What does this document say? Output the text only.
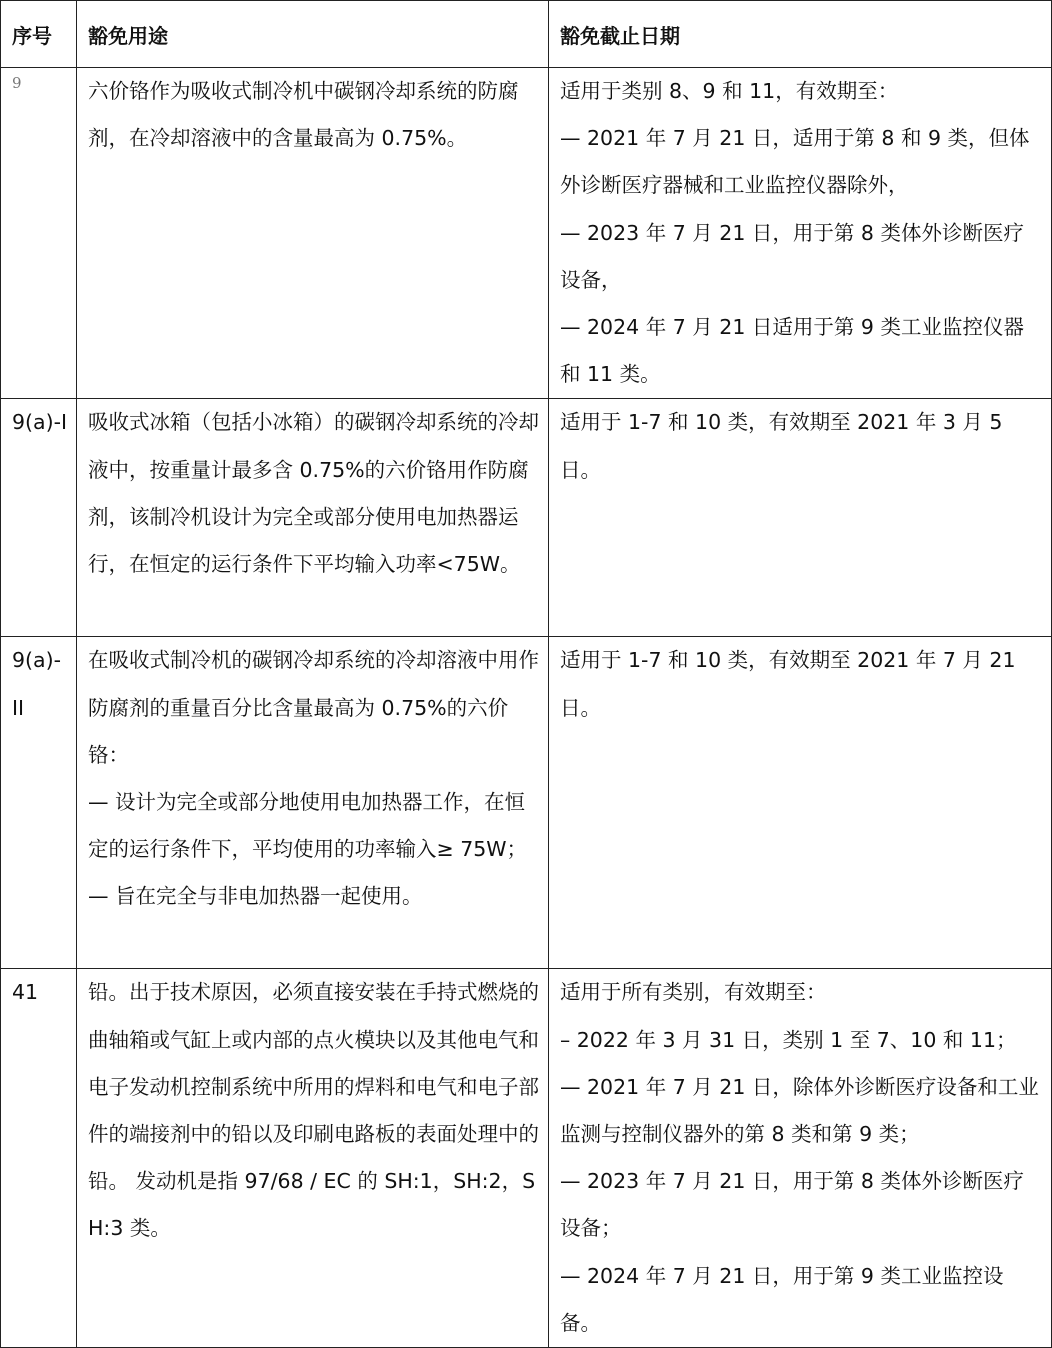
序号	豁免用途	豁免截止日期

9	六价铬作为吸收式制冷机中碳钢冷却系统的防腐剂，在冷却溶液中的含量最高为 0.75%。	适用于类别 8、9 和 11，有效期至：
— 2021 年 7 月 21 日，适用于第 8 和 9 类，但体外诊断医疗器械和工业监控仪器除外，
— 2023 年 7 月 21 日，用于第 8 类体外诊断医疗设备，
— 2024 年 7 月 21 日适用于第 9 类工业监控仪器和 11 类。

9(a)-I	吸收式冰箱（包括小冰箱）的碳钢冷却系统的冷却液中，按重量计最多含 0.75%的六价铬用作防腐剂，该制冷机设计为完全或部分使用电加热器运行，在恒定的运行条件下平均输入功率<75W。	适用于 1-7 和 10 类，有效期至 2021 年 3 月 5 日。

9(a)-II	在吸收式制冷机的碳钢冷却系统的冷却溶液中用作防腐剂的重量百分比含量最高为 0.75%的六价铬：
— 设计为完全或部分地使用电加热器工作，在恒定的运行条件下，平均使用的功率输入≥ 75W；
— 旨在完全与非电加热器一起使用。	适用于 1-7 和 10 类，有效期至 2021 年 7 月 21 日。

41	铅。出于技术原因，必须直接安装在手持式燃烧的曲轴箱或气缸上或内部的点火模块以及其他电气和电子发动机控制系统中所用的焊料和电气和电子部件的端接剂中的铅以及印刷电路板的表面处理中的铅。 发动机是指 97/68 / EC 的 SH:1，SH:2，SH:3 类。	适用于所有类别，有效期至：
– 2022 年 3 月 31 日，类别 1 至 7、10 和 11；
— 2021 年 7 月 21 日，除体外诊断医疗设备和工业监测与控制仪器外的第 8 类和第 9 类；
— 2023 年 7 月 21 日，用于第 8 类体外诊断医疗设备；
— 2024 年 7 月 21 日，用于第 9 类工业监控设备。
